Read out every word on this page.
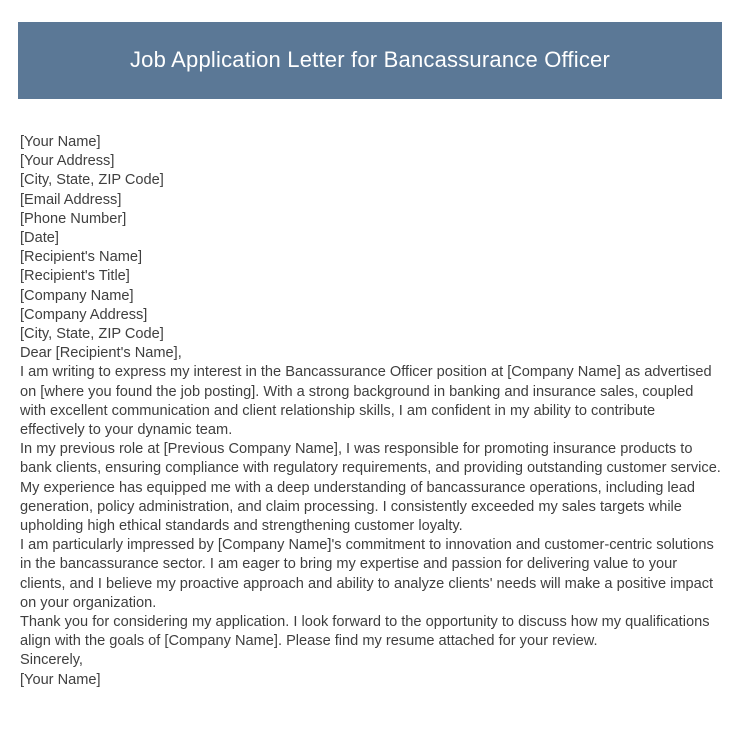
Job Application Letter for Bancassurance Officer
[Your Name]
[Your Address]
[City, State, ZIP Code]
[Email Address]
[Phone Number]
[Date]
[Recipient's Name]
[Recipient's Title]
[Company Name]
[Company Address]
[City, State, ZIP Code]
Dear [Recipient's Name],

I am writing to express my interest in the Bancassurance Officer position at [Company Name] as advertised on [where you found the job posting]. With a strong background in banking and insurance sales, coupled with excellent communication and client relationship skills, I am confident in my ability to contribute effectively to your dynamic team.

In my previous role at [Previous Company Name], I was responsible for promoting insurance products to bank clients, ensuring compliance with regulatory requirements, and providing outstanding customer service. My experience has equipped me with a deep understanding of bancassurance operations, including lead generation, policy administration, and claim processing. I consistently exceeded my sales targets while upholding high ethical standards and strengthening customer loyalty.

I am particularly impressed by [Company Name]'s commitment to innovation and customer-centric solutions in the bancassurance sector. I am eager to bring my expertise and passion for delivering value to your clients, and I believe my proactive approach and ability to analyze clients' needs will make a positive impact on your organization.

Thank you for considering my application. I look forward to the opportunity to discuss how my qualifications align with the goals of [Company Name]. Please find my resume attached for your review.

Sincerely,
[Your Name]
